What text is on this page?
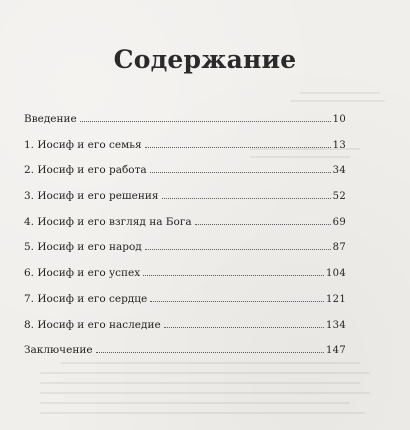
Содержание
Введение	10
1. Иосиф и его семья	13
2. Иосиф и его работа	34
3. Иосиф и его решения	52
4. Иосиф и его взгляд на Бога	69
5. Иосиф и его народ	87
6. Иосиф и его успех	104
7. Иосиф и его сердце	121
8. Иосиф и его наследие	134
Заключение	147
